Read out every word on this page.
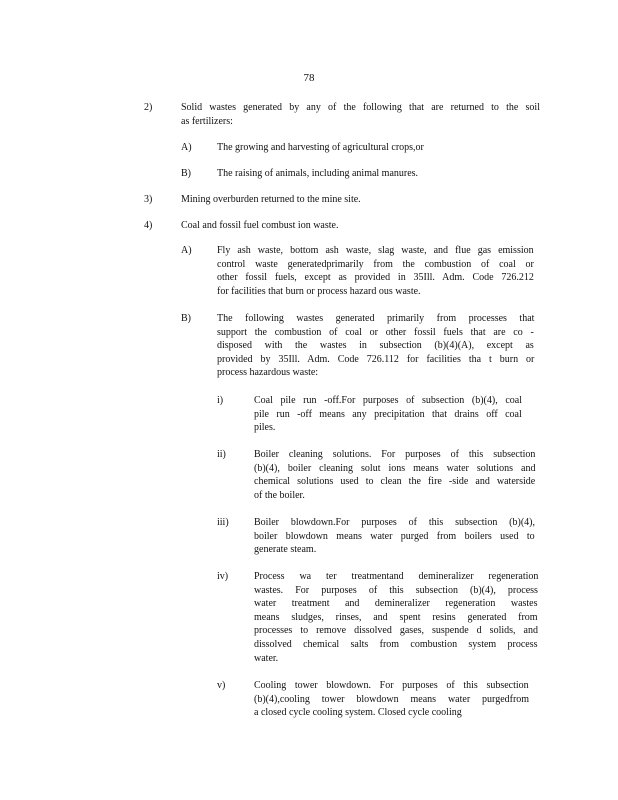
78
2)	Solid wastes generated by any of the following that are returned to the soil
as fertilizers:
A)	The growing and harvesting of agricultural crops,or
B)	The raising of animals, including animal manures.
3)	Mining overburden returned to the mine site.
4)	Coal and fossil fuel combust ion waste.
A)	Fly ash waste, bottom ash waste, slag waste, and flue gas emission
control waste generatedprimarily from the combustion of coal or
other fossil fuels, except as provided in 35Ill. Adm. Code 726.212
for facilities that burn or process hazard ous waste.
B)	The following wastes generated primarily from processes that
support the combustion of coal or other fossil fuels that are co -
disposed with the wastes in subsection (b)(4)(A), except as
provided by 35Ill. Adm. Code 726.112 for facilities tha t burn or
process hazardous waste:
i)	Coal pile run -off.For purposes of subsection (b)(4), coal
pile run -off means any precipitation that drains off coal
piles.
ii)	Boiler cleaning solutions. For purposes of this subsection
(b)(4), boiler cleaning solut ions means water solutions and
chemical solutions used to clean the fire -side and waterside
of the boiler.
iii)	Boiler blowdown.For purposes of this subsection (b)(4),
boiler blowdown means water purged from boilers used to
generate steam.
iv)	Process wa ter treatmentand demineralizer regeneration
wastes. For purposes of this subsection (b)(4), process
water treatment and demineralizer regeneration wastes
means sludges, rinses, and spent resins generated from
processes to remove dissolved gases, suspende d solids, and
dissolved chemical salts from combustion system process
water.
v)	Cooling tower blowdown. For purposes of this subsection
(b)(4),cooling tower blowdown means water purgedfrom
a closed cycle cooling system. Closed cycle cooling
